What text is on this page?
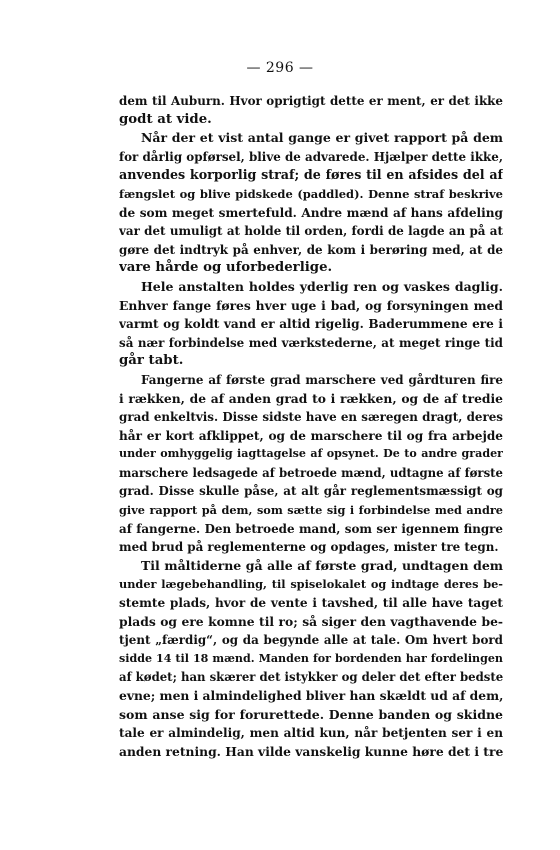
— 296 —
dem til Auburn. Hvor oprigtigt dette er ment, er det ikke
godt at vide.
Når der et vist antal gange er givet rapport på dem
for dårlig opførsel, blive de advarede. Hjælper dette ikke,
anvendes korporlig straf; de føres til en afsides del af
fængslet og blive pidskede (paddled). Denne straf beskrive
de som meget smertefuld. Andre mænd af hans afdeling
var det umuligt at holde til orden, fordi de lagde an på at
gøre det indtryk på enhver, de kom i berøring med, at de
vare hårde og uforbederlige.
Hele anstalten holdes yderlig ren og vaskes daglig.
Enhver fange føres hver uge i bad, og forsyningen med
varmt og koldt vand er altid rigelig. Baderummene ere i
så nær forbindelse med værkstederne, at meget ringe tid
går tabt.
Fangerne af første grad marschere ved gårdturen fire
i rækken, de af anden grad to i rækken, og de af tredie
grad enkeltvis. Disse sidste have en særegen dragt, deres
hår er kort afklippet, og de marschere til og fra arbejde
under omhyggelig iagttagelse af opsynet. De to andre grader
marschere ledsagede af betroede mænd, udtagne af første
grad. Disse skulle påse, at alt går reglementsmæssigt og
give rapport på dem, som sætte sig i forbindelse med andre
af fangerne. Den betroede mand, som ser igennem fingre
med brud på reglementerne og opdages, mister tre tegn.
Til måltiderne gå alle af første grad, undtagen dem
under lægebehandling, til spiselokalet og indtage deres be-
stemte plads, hvor de vente i tavshed, til alle have taget
plads og ere komne til ro; så siger den vagthavende be-
tjent „færdig“, og da begynde alle at tale. Om hvert bord
sidde 14 til 18 mænd. Manden for bordenden har fordelingen
af kødet; han skærer det istykker og deler det efter bedste
evne; men i almindelighed bliver han skældt ud af dem,
som anse sig for forurettede. Denne banden og skidne
tale er almindelig, men altid kun, når betjenten ser i en
anden retning. Han vilde vanskelig kunne høre det i tre
